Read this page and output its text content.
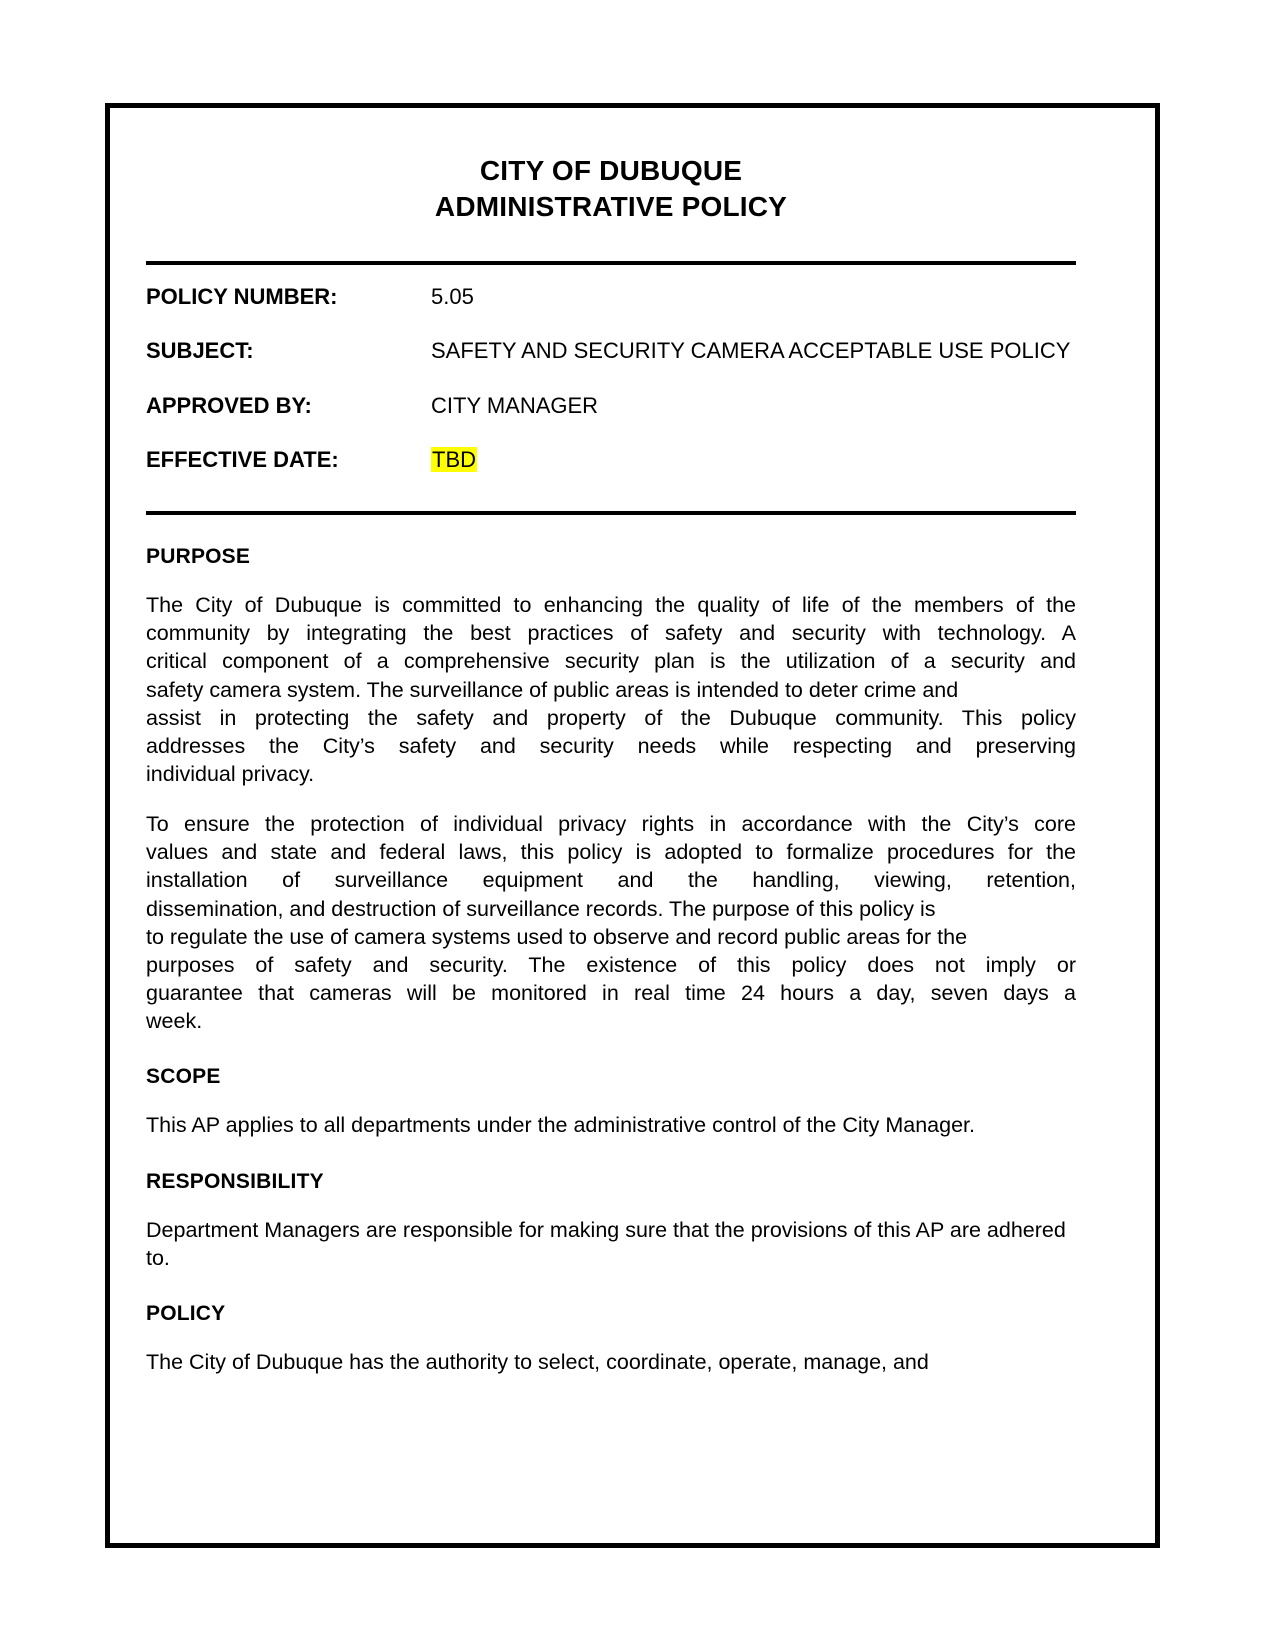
CITY OF DUBUQUE
ADMINISTRATIVE POLICY
POLICY NUMBER:	5.05
SUBJECT:	SAFETY AND SECURITY CAMERA ACCEPTABLE USE POLICY
APPROVED BY:	CITY MANAGER
EFFECTIVE DATE:	TBD
PURPOSE
The City of Dubuque is committed to enhancing the quality of life of the members of the
community by integrating the best practices of safety and security with technology. A
critical component of a comprehensive security plan is the utilization of a security and
safety camera system. The surveillance of public areas is intended to deter crime and
assist in protecting the safety and property of the Dubuque community. This policy
addresses the City’s safety and security needs while respecting and preserving
individual privacy.
To ensure the protection of individual privacy rights in accordance with the City’s core
values and state and federal laws, this policy is adopted to formalize procedures for the
installation of surveillance equipment and the handling, viewing, retention,
dissemination, and destruction of surveillance records. The purpose of this policy is
to regulate the use of camera systems used to observe and record public areas for the
purposes of safety and security. The existence of this policy does not imply or
guarantee that cameras will be monitored in real time 24 hours a day, seven days a
week.
SCOPE
This AP applies to all departments under the administrative control of the City Manager.
RESPONSIBILITY
Department Managers are responsible for making sure that the provisions of this AP are adhered to.
POLICY
The City of Dubuque has the authority to select, coordinate, operate, manage, and
